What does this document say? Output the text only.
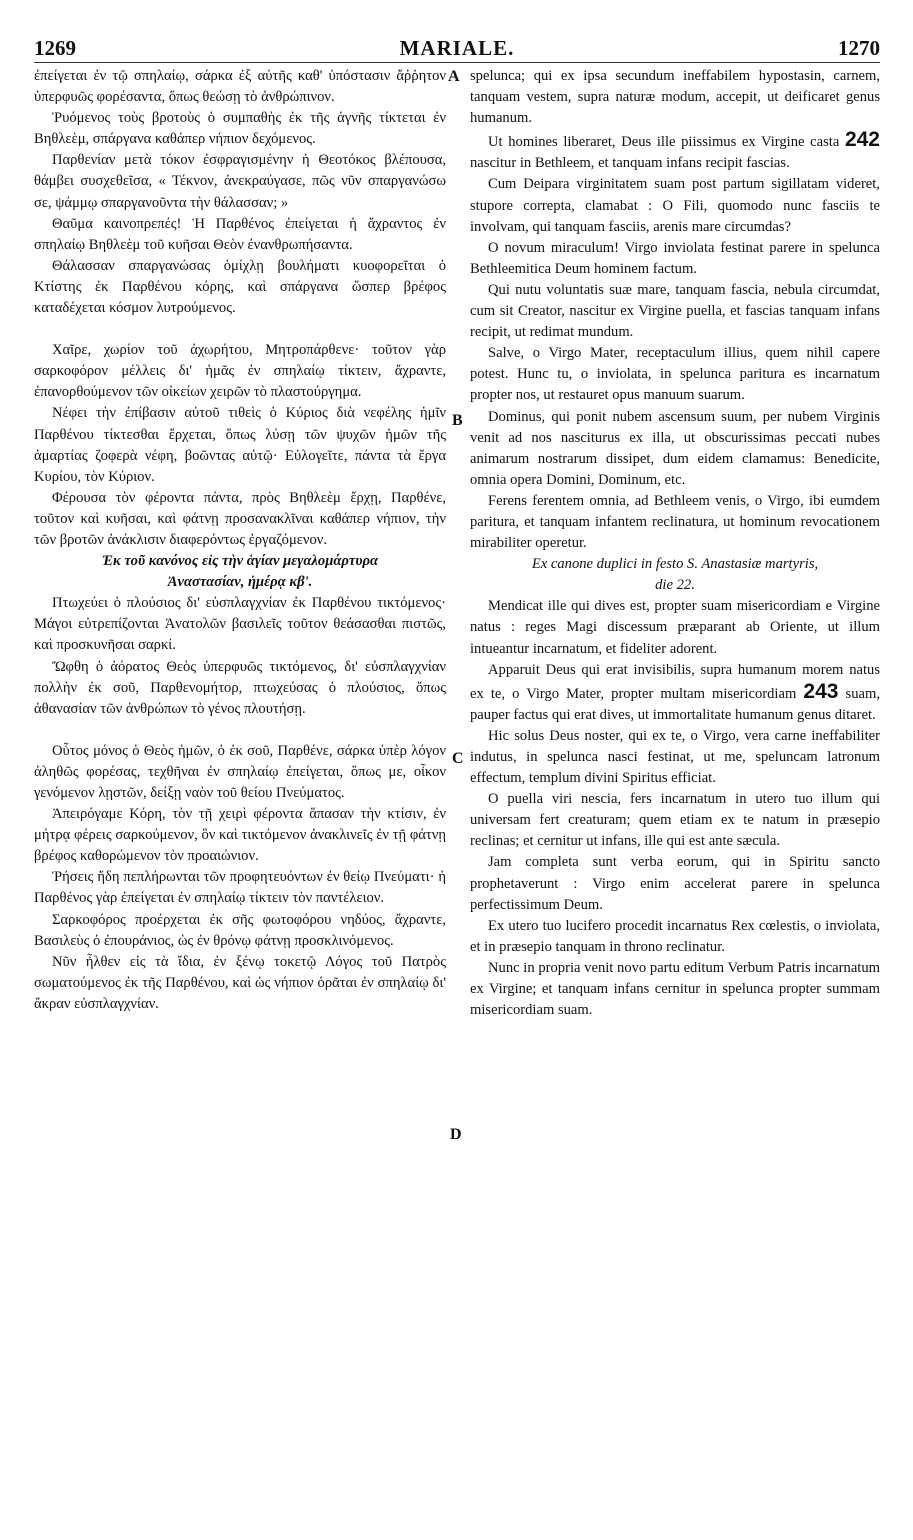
1269	MARIALE.	1270
A
B
C
D

ἐπείγεται ἐν τῷ σπηλαίῳ, σάρκα ἐξ αὐτῆς καθ' ὑπόστασιν ἄῤῥητον ὑπερφυῶς φορέσαντα, ὅπως θεώσῃ τὸ ἀνθρώπινον.

Ῥυόμενος τοὺς βροτοὺς ὁ συμπαθὴς ἐκ τῆς ἁγνῆς τίκτεται ἐν Βηθλεὲμ, σπάργανα καθάπερ νήπιον δεχόμενος.

Παρθενίαν μετὰ τόκον ἐσφραγισμένην ἡ Θεοτόκος βλέπουσα, θάμβει συσχεθεῖσα, « Τέκνον, ἀνεκραύγασε, πῶς νῦν σπαργανώσω σε, ψάμμῳ σπαργανοῦντα τὴν θάλασσαν; »

Θαῦμα καινοπρεπές! Ἡ Παρθένος ἐπείγεται ἡ ἄχραντος ἐν σπηλαίῳ Βηθλεὲμ τοῦ κυῆσαι Θεὸν ἐνανθρωπήσαντα.

Θάλασσαν σπαργανώσας ὁμίχλῃ βουλήματι κυοφορεῖται ὁ Κτίστης ἐκ Παρθένου κόρης, καὶ σπάργανα ὥσπερ βρέφος καταδέχεται κόσμον λυτρούμενος.

Χαῖρε, χωρίον τοῦ ἀχωρήτου, Μητροπάρθενε· τοῦτον γὰρ σαρκοφόρον μέλλεις δι' ἡμᾶς ἐν σπηλαίῳ τίκτειν, ἄχραντε, ἐπανορθούμενον τῶν οἰκείων χειρῶν τὸ πλαστούργημα.

Νέφει τὴν ἐπίβασιν αὐτοῦ τιθεὶς ὁ Κύριος διὰ νεφέλης ἡμῖν Παρθένου τίκτεσθαι ἔρχεται, ὅπως λύσῃ τῶν ψυχῶν ἡμῶν τῆς ἁμαρτίας ζοφερὰ νέφη, βοῶντας αὐτῷ· Εὐλογεῖτε, πάντα τὰ ἔργα Κυρίου, τὸν Κύριον.

Φέρουσα τὸν φέροντα πάντα, πρὸς Βηθλεὲμ ἔρχῃ, Παρθένε, τοῦτον καὶ κυῆσαι, καὶ φάτνῃ προσανακλῖναι καθάπερ νήπιον, τὴν τῶν βροτῶν ἀνάκλισιν διαφερόντως ἐργαζόμενον.

Ἐκ τοῦ κανόνος εἰς τὴν ἁγίαν μεγαλομάρτυρα

Ἀναστασίαν, ἡμέρᾳ κβ'.

Πτωχεύει ὁ πλούσιος δι' εὐσπλαγχνίαν ἐκ Παρθένου τικτόμενος· Μάγοι εὐτρεπίζονται Ἀνατολῶν βασιλεῖς τοῦτον θεάσασθαι πιστῶς, καὶ προσκυνῆσαι σαρκί.

Ὤφθη ὁ ἀόρατος Θεὸς ὑπερφυῶς τικτόμενος, δι' εὐσπλαγχνίαν πολλὴν ἐκ σοῦ, Παρθενομήτορ, πτωχεύσας ὁ πλούσιος, ὅπως ἀθανασίαν τῶν ἀνθρώπων τὸ γένος πλουτήσῃ.

Οὗτος μόνος ὁ Θεὸς ἡμῶν, ὁ ἐκ σοῦ, Παρθένε, σάρκα ὑπὲρ λόγον ἀληθῶς φορέσας, τεχθῆναι ἐν σπηλαίῳ ἐπείγεται, ὅπως με, οἶκον γενόμενον λῃστῶν, δείξῃ ναὸν τοῦ θείου Πνεύματος.

Ἀπειρόγαμε Κόρη, τὸν τῇ χειρὶ φέροντα ἅπασαν τὴν κτίσιν, ἐν μήτρᾳ φέρεις σαρκούμενον, ὃν καὶ τικτόμενον ἀνακλινεῖς ἐν τῇ φάτνῃ βρέφος καθορώμενον τὸν προαιώνιον.

Ῥήσεις ἤδη πεπλήρωνται τῶν προφητευόντων ἐν θείῳ Πνεύματι· ἡ Παρθένος γὰρ ἐπείγεται ἐν σπηλαίῳ τίκτειν τὸν παντέλειον.

Σαρκοφόρος προέρχεται ἐκ σῆς φωτοφόρου νηδύος, ἄχραντε, Βασιλεὺς ὁ ἐπουράνιος, ὡς ἐν θρόνῳ φάτνῃ προσκλινόμενος.

Νῦν ἦλθεν εἰς τὰ ἴδια, ἐν ξένῳ τοκετῷ Λόγος τοῦ Πατρὸς σωματούμενος ἐκ τῆς Παρθένου, καὶ ὡς νήπιον ὁρᾶται ἐν σπηλαίῳ δι' ἄκραν εὐσπλαγχνίαν.

spelunca; qui ex ipsa secundum ineffabilem hypostasin, carnem, tanquam vestem, supra naturæ modum, accepit, ut deificaret genus humanum.

Ut homines liberaret, Deus ille piissimus ex Virgine casta 242 nascitur in Bethleem, et tanquam infans recipit fascias.

Cum Deipara virginitatem suam post partum sigillatam videret, stupore correpta, clamabat : O Fili, quomodo nunc fasciis te involvam, qui tanquam fasciis, arenis mare circumdas?

O novum miraculum! Virgo inviolata festinat parere in spelunca Bethleemitica Deum hominem factum.

Qui nutu voluntatis suæ mare, tanquam fascia, nebula circumdat, cum sit Creator, nascitur ex Virgine puella, et fascias tanquam infans recipit, ut redimat mundum.

Salve, o Virgo Mater, receptaculum illius, quem nihil capere potest. Hunc tu, o inviolata, in spelunca paritura es incarnatum propter nos, ut restauret opus manuum suarum.

Dominus, qui ponit nubem ascensum suum, per nubem Virginis venit ad nos nasciturus ex illa, ut obscurissimas peccati nubes animarum nostrarum dissipet, dum eidem clamamus: Benedicite, omnia opera Domini, Dominum, etc.

Ferens ferentem omnia, ad Bethleem venis, o Virgo, ibi eumdem paritura, et tanquam infantem reclinatura, ut hominum revocationem mirabiliter operetur.

Ex canone duplici in festo S. Anastasiæ martyris,

die 22.

Mendicat ille qui dives est, propter suam misericordiam e Virgine natus : reges Magi discessum præparant ab Oriente, ut illum intueantur incarnatum, et fideliter adorent.

Apparuit Deus qui erat invisibilis, supra humanum morem natus ex te, o Virgo Mater, propter multam misericordiam 243 suam, pauper factus qui erat dives, ut immortalitate humanum genus ditaret.

Hic solus Deus noster, qui ex te, o Virgo, vera carne ineffabiliter indutus, in spelunca nasci festinat, ut me, speluncam latronum effectum, templum divini Spiritus efficiat.

O puella viri nescia, fers incarnatum in utero tuo illum qui universam fert creaturam; quem etiam ex te natum in præsepio reclinas; et cernitur ut infans, ille qui est ante sæcula.

Jam completa sunt verba eorum, qui in Spiritu sancto prophetaverunt : Virgo enim accelerat parere in spelunca perfectissimum Deum.

Ex utero tuo lucifero procedit incarnatus Rex cœlestis, o inviolata, et in præsepio tanquam in throno reclinatur.

Nunc in propria venit novo partu editum Verbum Patris incarnatum ex Virgine; et tanquam infans cernitur in spelunca propter summam misericordiam suam.
